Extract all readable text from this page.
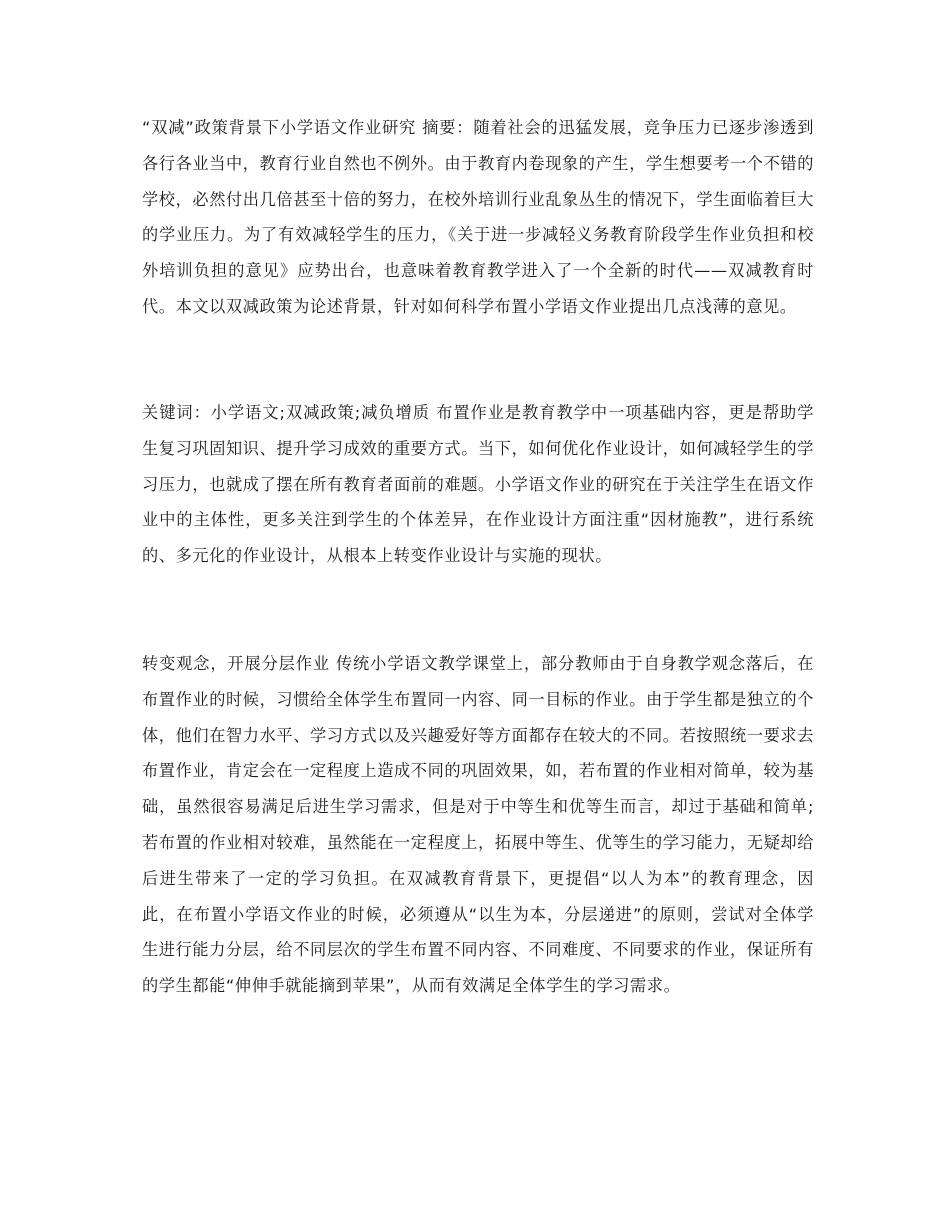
“双减”政策背景下小学语文作业研究 摘要：随着社会的迅猛发展，竞争压力已逐步渗透到各行各业当中，教育行业自然也不例外。由于教育内卷现象的产生，学生想要考一个不错的学校，必然付出几倍甚至十倍的努力，在校外培训行业乱象丛生的情况下，学生面临着巨大的学业压力。为了有效减轻学生的压力，《关于进一步减轻义务教育阶段学生作业负担和校外培训负担的意见》应势出台，也意味着教育教学进入了一个全新的时代——双减教育时代。本文以双减政策为论述背景，针对如何科学布置小学语文作业提出几点浅薄的意见。

关键词：小学语文;双减政策;减负增质 布置作业是教育教学中一项基础内容，更是帮助学生复习巩固知识、提升学习成效的重要方式。当下，如何优化作业设计，如何减轻学生的学习压力，也就成了摆在所有教育者面前的难题。小学语文作业的研究在于关注学生在语文作业中的主体性，更多关注到学生的个体差异，在作业设计方面注重“因材施教”，进行系统的、多元化的作业设计，从根本上转变作业设计与实施的现状。

转变观念，开展分层作业 传统小学语文教学课堂上，部分教师由于自身教学观念落后，在布置作业的时候，习惯给全体学生布置同一内容、同一目标的作业。由于学生都是独立的个体，他们在智力水平、学习方式以及兴趣爱好等方面都存在较大的不同。若按照统一要求去布置作业，肯定会在一定程度上造成不同的巩固效果，如，若布置的作业相对简单，较为基础，虽然很容易满足后进生学习需求，但是对于中等生和优等生而言，却过于基础和简单;若布置的作业相对较难，虽然能在一定程度上，拓展中等生、优等生的学习能力，无疑却给后进生带来了一定的学习负担。在双减教育背景下，更提倡“以人为本”的教育理念，因此，在布置小学语文作业的时候，必须遵从“以生为本，分层递进”的原则，尝试对全体学生进行能力分层，给不同层次的学生布置不同内容、不同难度、不同要求的作业，保证所有的学生都能“伸伸手就能摘到苹果”，从而有效满足全体学生的学习需求。
